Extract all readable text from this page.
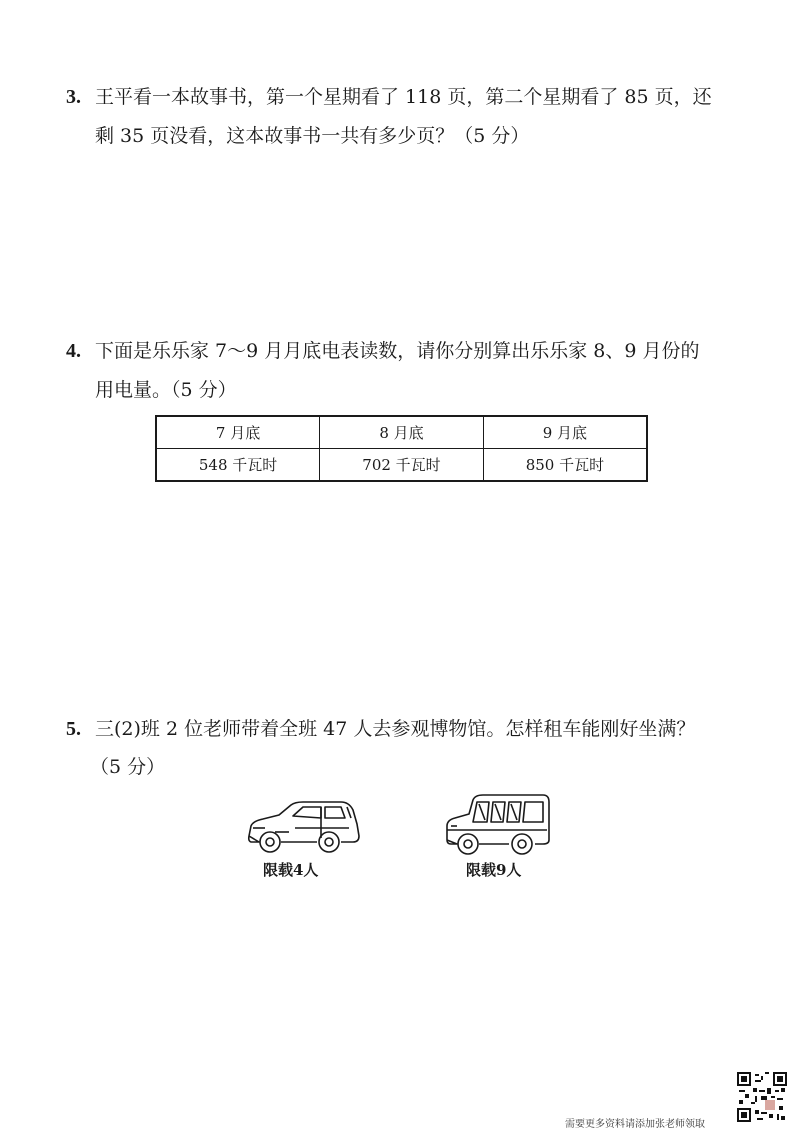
3. 王平看一本故事书，第一个星期看了 118 页，第二个星期看了 85 页，还
剩 35 页没看，这本故事书一共有多少页？（5 分）
4. 下面是乐乐家 7～9 月月底电表读数，请你分别算出乐乐家 8、9 月份的
用电量。（5 分）
7 月底	8 月底	9 月底
548 千瓦时	702 千瓦时	850 千瓦时
5. 三(2)班 2 位老师带着全班 47 人去参观博物馆。怎样租车能刚好坐满？
（5 分）
限载4人	限载9人
需要更多资料请添加张老师领取
